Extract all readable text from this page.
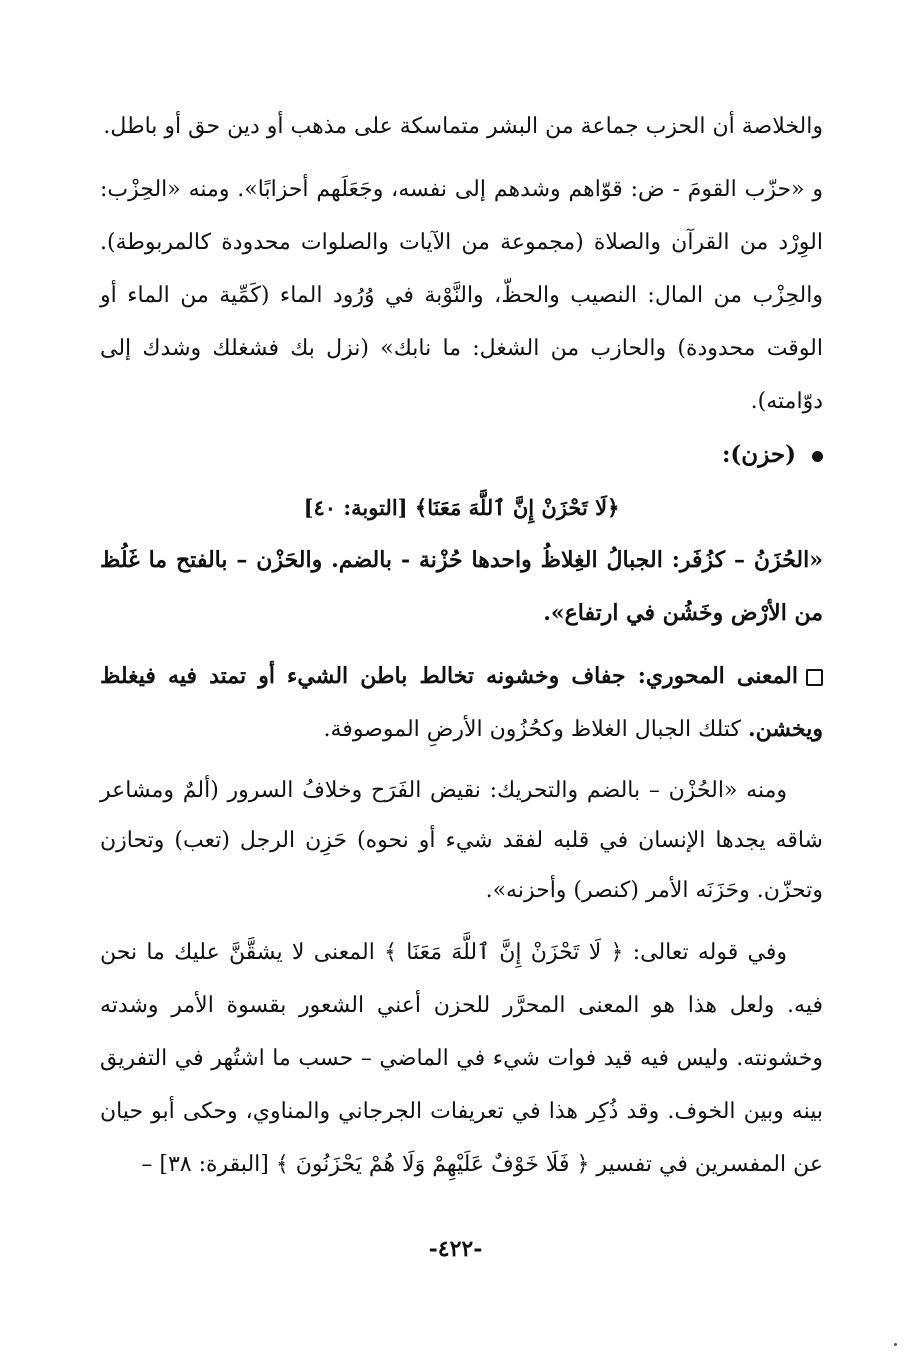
والخلاصة أن الحزب جماعة من البشر متماسكة على مذهب أو دين حق أو باطل.

و «حزّب القومَ - ض: قوّاهم وشدهم إلى نفسه، وجَعَلَهم أحزابًا». ومنه «الحِزْب: الوِرْد من القرآن والصلاة (مجموعة من الآيات والصلوات محدودة كالمربوطة). والحِزْب من المال: النصيب والحظّ، والنَّوْبة في وُرُود الماء (كَمِّية من الماء أو الوقت محدودة) والحازب من الشغل: ما نابك» (نزل بك فشغلك وشدك إلى دوّامته).

(حزن):

﴿لَا تَحْزَنْ إِنَّ ٱللَّهَ مَعَنَا﴾ [التوبة: ٤٠]

«الحُزَنُ – كزُفَر: الجبالُ الغِلاظُ واحدها حُزْنة - بالضم. والحَزْن – بالفتح ما غَلُظ من الأرْض وخَشُن في ارتفاع».

المعنى المحوري: جفاف وخشونه تخالط باطن الشيء أو تمتد فيه فيغلظ ويخشن. كتلك الجبال الغلاظ وكحُزُون الأرضِ الموصوفة.

ومنه «الحُزْن – بالضم والتحريك: نقيض الفَرَح وخلافُ السرور (ألمٌ ومشاعر شاقه يجدها الإنسان في قلبه لفقد شيء أو نحوه) حَزِن الرجل (تعب) وتحازن وتحزّن. وحَزَنَه الأمر (كنصر) وأحزنه».

وفي قوله تعالى: ﴿ لَا تَحْزَنْ إِنَّ ٱللَّهَ مَعَنَا ﴾ المعنى لا يشقَّنَّ عليك ما نحن فيه. ولعل هذا هو المعنى المحرَّر للحزن أعني الشعور بقسوة الأمر وشدته وخشونته. وليس فيه قيد فوات شيء في الماضي – حسب ما اشتُهر في التفريق بينه وبين الخوف. وقد ذُكِر هذا في تعريفات الجرجاني والمناوي، وحكى أبو حيان عن المفسرين في تفسير ﴿ فَلَا خَوْفٌ عَلَيْهِمْ وَلَا هُمْ يَحْزَنُونَ ﴾ [البقرة: ٣٨] –

-٤٢٢-
